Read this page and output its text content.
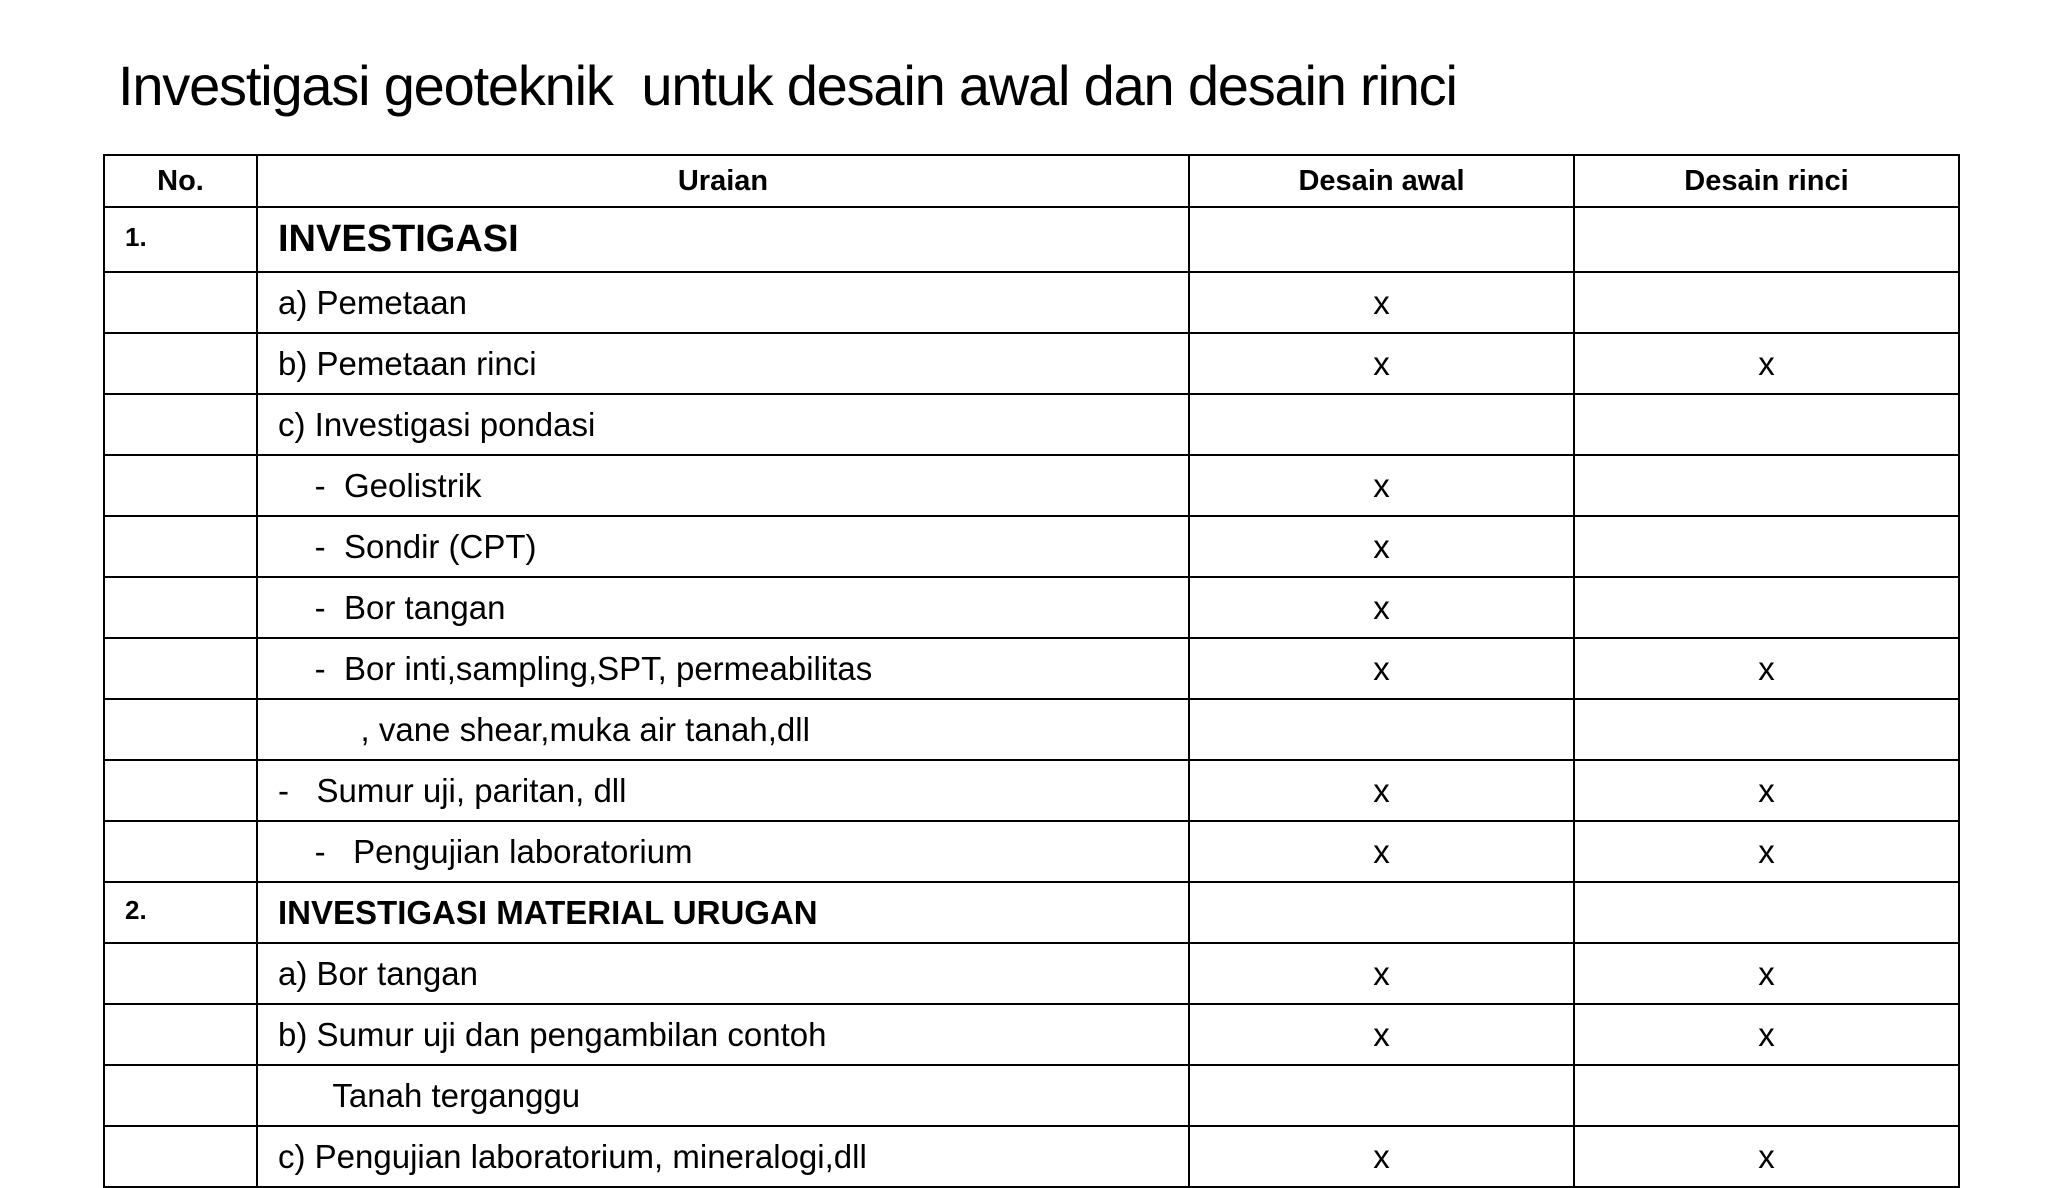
Investigasi geoteknik  untuk desain awal dan desain rinci
No.	Uraian	Desain awal	Desain rinci
1.	INVESTIGASI		
	a) Pemetaan	x	
	b) Pemetaan rinci	x	x
	c) Investigasi pondasi		
	-  Geolistrik	x	
	-  Sondir (CPT)	x	
	-  Bor tangan	x	
	-  Bor inti,sampling,SPT, permeabilitas	x	x
	, vane shear,muka air tanah,dll		
	-   Sumur uji, paritan, dll	x	x
	-   Pengujian laboratorium	x	x
2.	INVESTIGASI MATERIAL URUGAN		
	a) Bor tangan	x	x
	b) Sumur uji dan pengambilan contoh	x	x
	Tanah terganggu		
	c) Pengujian laboratorium, mineralogi,dll	x	x
